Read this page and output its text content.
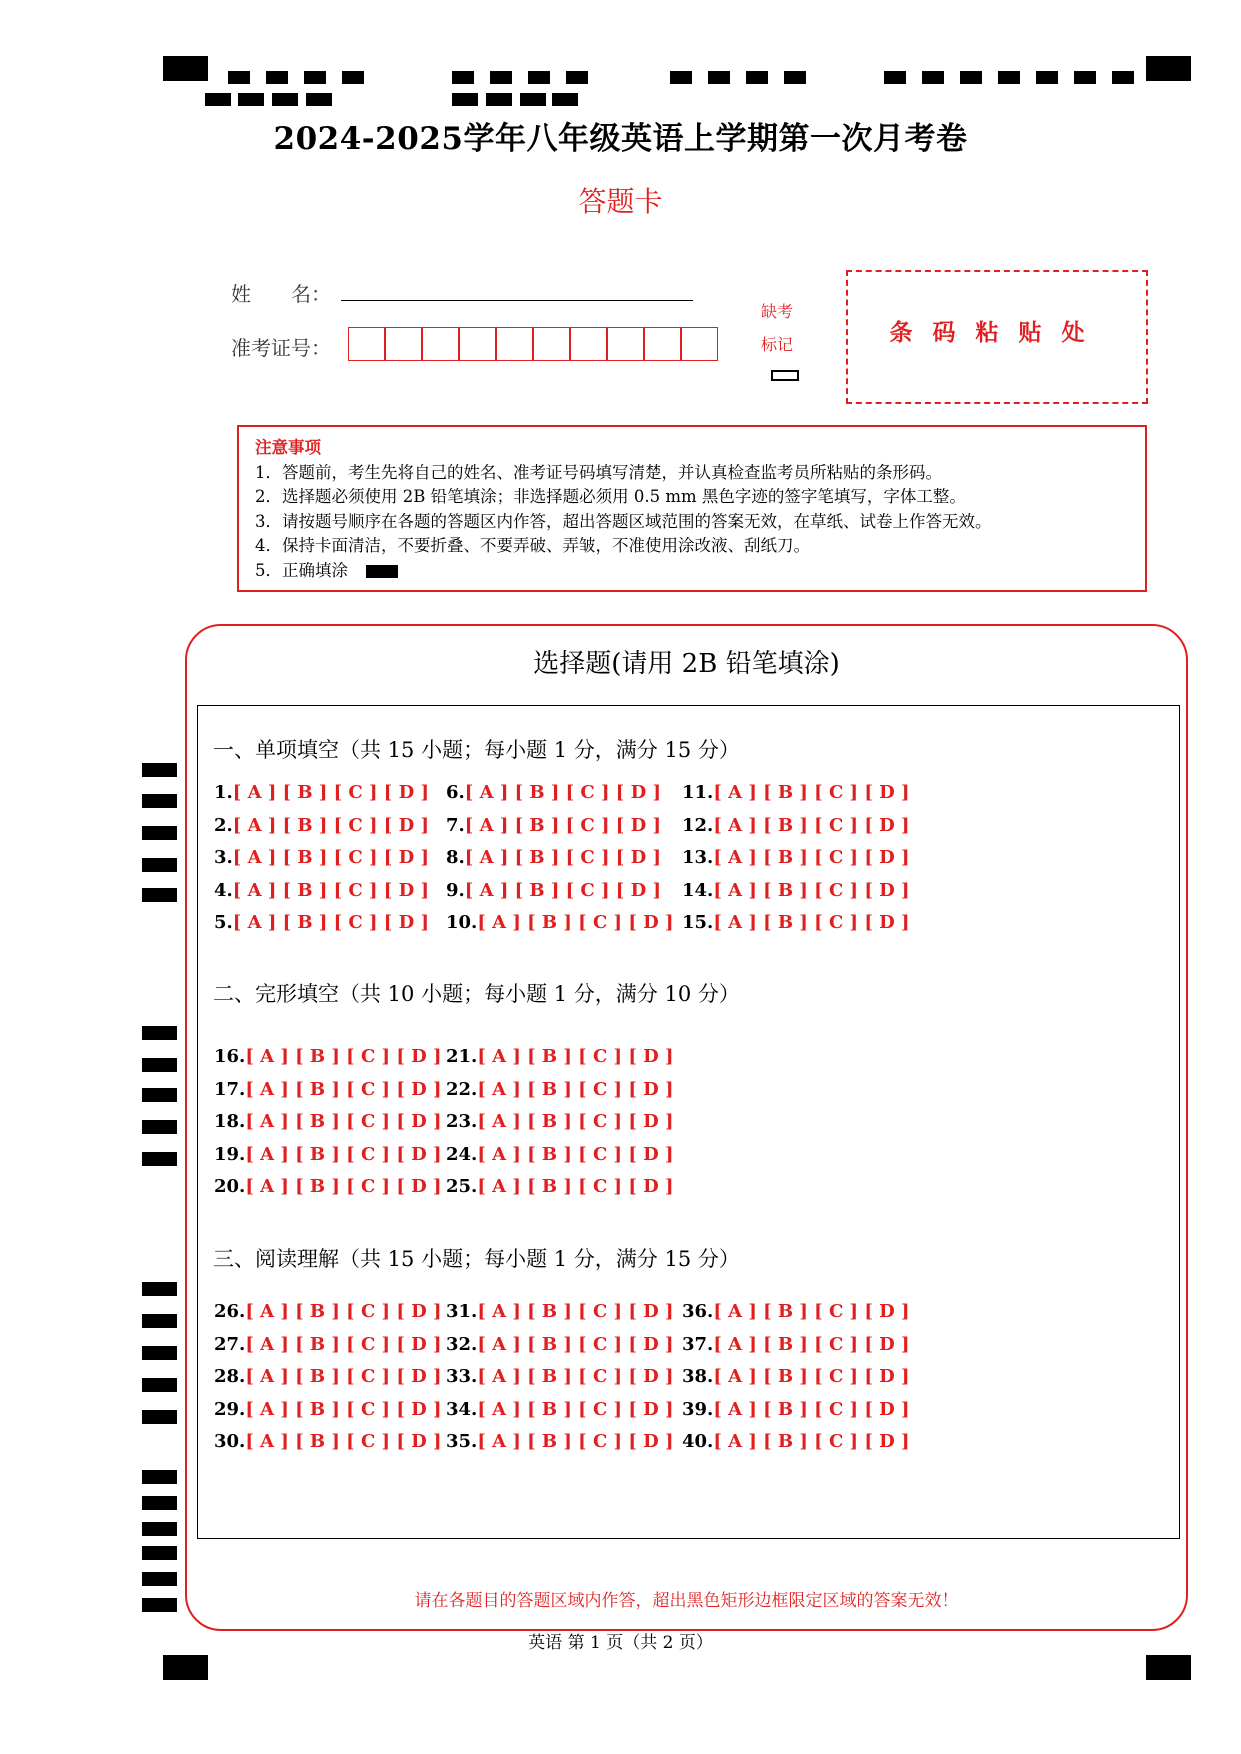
2024-2025学年八年级英语上学期第一次月考卷
答题卡
姓　　名：
准考证号：
缺考
标记	条码粘贴处
注意事项
1．答题前，考生先将自己的姓名、准考证号码填写清楚，并认真检查监考员所粘贴的条形码。
2．选择题必须使用 2B 铅笔填涂；非选择题必须用 0.5 mm 黑色字迹的签字笔填写，字体工整。
3．请按题号顺序在各题的答题区内作答，超出答题区域范围的答案无效，在草纸、试卷上作答无效。
4．保持卡面清洁，不要折叠、不要弄破、弄皱，不准使用涂改液、刮纸刀。
5．正确填涂
选择题(请用 2B 铅笔填涂)
一、单项填空（共 15 小题；每小题 1 分，满分 15 分）
二、完形填空（共 10 小题；每小题 1 分，满分 10 分）
三、阅读理解（共 15 小题；每小题 1 分，满分 15 分）
1.[ A ] [ B ] [ C ] [ D ]
2.[ A ] [ B ] [ C ] [ D ]
3.[ A ] [ B ] [ C ] [ D ]
4.[ A ] [ B ] [ C ] [ D ]
5.[ A ] [ B ] [ C ] [ D ]
6.[ A ] [ B ] [ C ] [ D ]
7.[ A ] [ B ] [ C ] [ D ]
8.[ A ] [ B ] [ C ] [ D ]
9.[ A ] [ B ] [ C ] [ D ]
10.[ A ] [ B ] [ C ] [ D ]
11.[ A ] [ B ] [ C ] [ D ]
12.[ A ] [ B ] [ C ] [ D ]
13.[ A ] [ B ] [ C ] [ D ]
14.[ A ] [ B ] [ C ] [ D ]
15.[ A ] [ B ] [ C ] [ D ]
16.[ A ] [ B ] [ C ] [ D ]
17.[ A ] [ B ] [ C ] [ D ]
18.[ A ] [ B ] [ C ] [ D ]
19.[ A ] [ B ] [ C ] [ D ]
20.[ A ] [ B ] [ C ] [ D ]
21.[ A ] [ B ] [ C ] [ D ]
22.[ A ] [ B ] [ C ] [ D ]
23.[ A ] [ B ] [ C ] [ D ]
24.[ A ] [ B ] [ C ] [ D ]
25.[ A ] [ B ] [ C ] [ D ]
26.[ A ] [ B ] [ C ] [ D ]
27.[ A ] [ B ] [ C ] [ D ]
28.[ A ] [ B ] [ C ] [ D ]
29.[ A ] [ B ] [ C ] [ D ]
30.[ A ] [ B ] [ C ] [ D ]
31.[ A ] [ B ] [ C ] [ D ]
32.[ A ] [ B ] [ C ] [ D ]
33.[ A ] [ B ] [ C ] [ D ]
34.[ A ] [ B ] [ C ] [ D ]
35.[ A ] [ B ] [ C ] [ D ]
36.[ A ] [ B ] [ C ] [ D ]
37.[ A ] [ B ] [ C ] [ D ]
38.[ A ] [ B ] [ C ] [ D ]
39.[ A ] [ B ] [ C ] [ D ]
40.[ A ] [ B ] [ C ] [ D ]
请在各题目的答题区域内作答，超出黑色矩形边框限定区域的答案无效！
英语 第 1 页（共 2 页）
